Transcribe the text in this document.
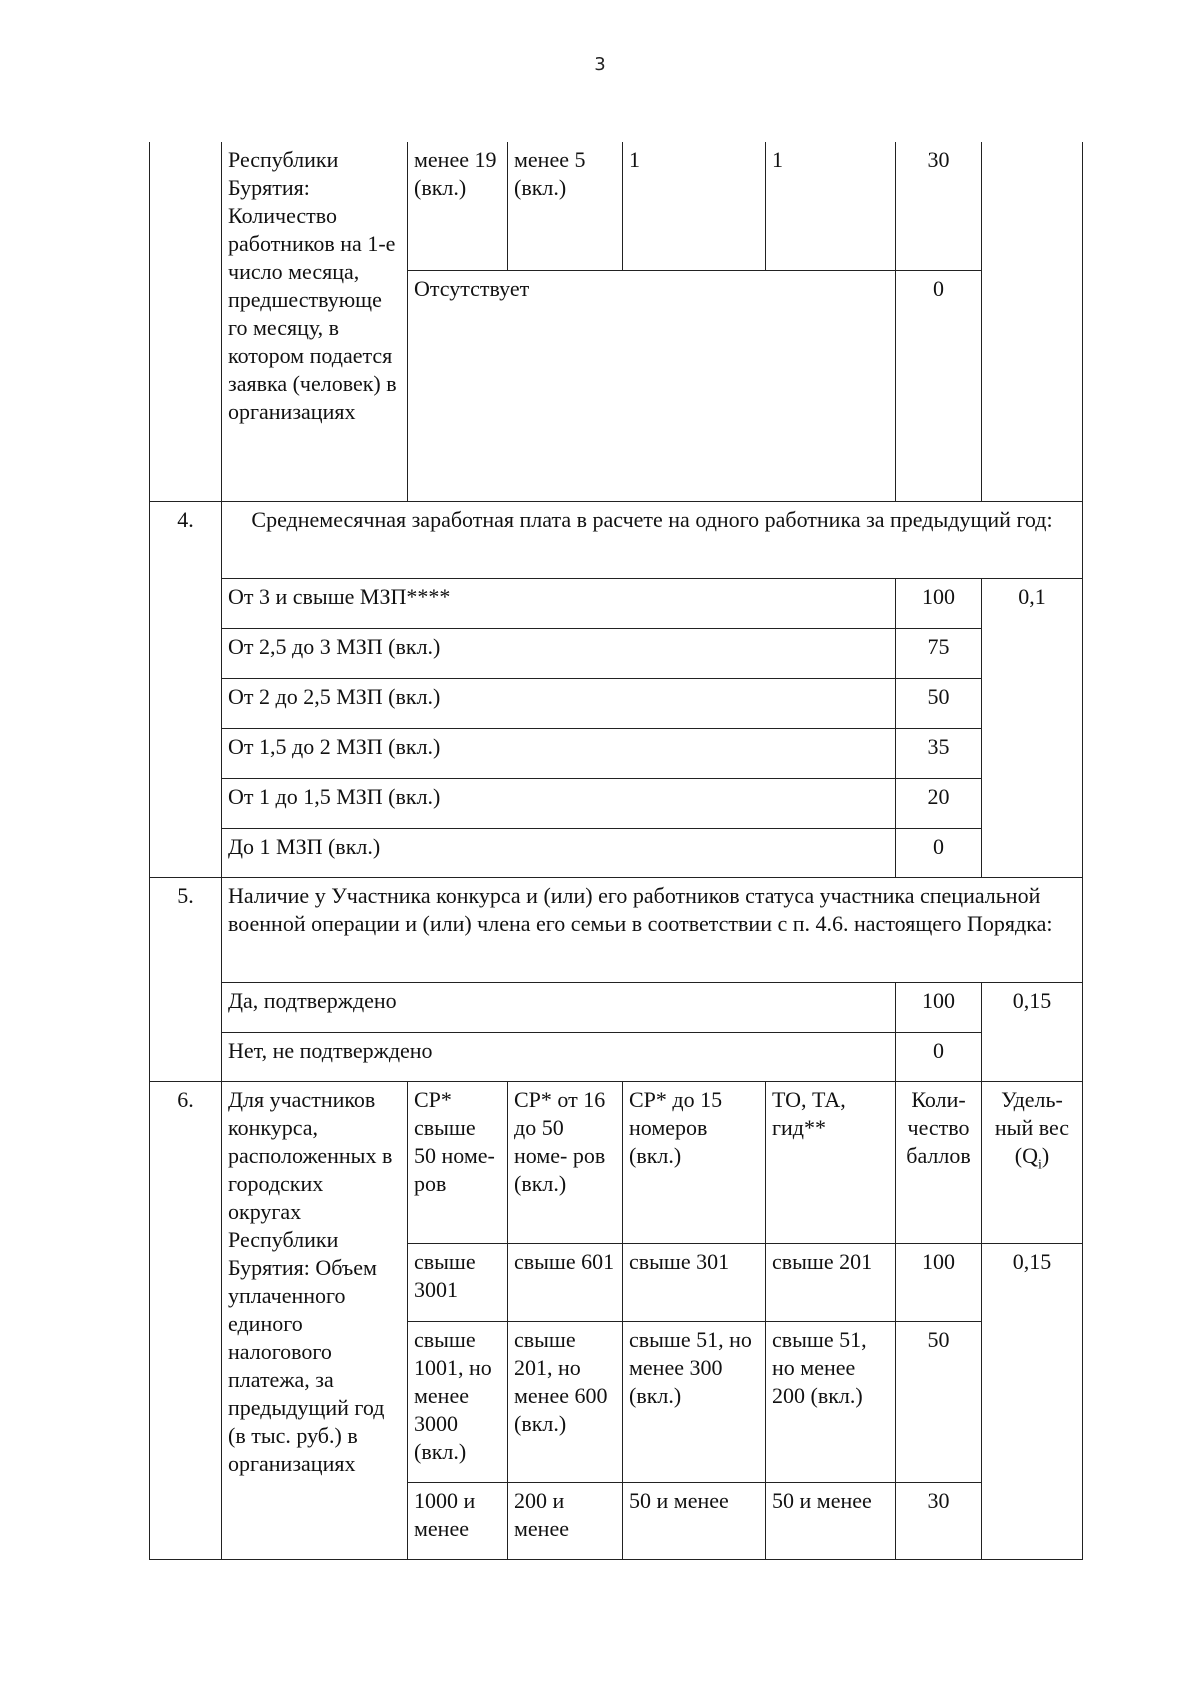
3
	Республики Бурятия: Количество работников на 1-е число месяца, предшествующе го месяцу, в котором подается заявка (человек) в организациях	менее 19 (вкл.)	менее 5 (вкл.)	1	1	30	
		Отсутствует				0	
4.	Среднемесячная заработная плата в расчете на одного работника за предыдущий год:						
	От 3 и свыше МЗП****					100	0,1
	От 2,5 до 3 МЗП (вкл.)					75	
	От 2 до 2,5 МЗП (вкл.)					50	
	От 1,5 до 2 МЗП (вкл.)					35	
	От 1 до 1,5 МЗП (вкл.)					20	
	До 1 МЗП (вкл.)					0	
5.	Наличие у Участника конкурса и (или) его работников статуса участника специальной военной операции и (или) члена его семьи в соответствии с п. 4.6. настоящего Порядка:						
	Да, подтверждено					100	0,15
	Нет, не подтверждено					0	
6.	Для участников конкурса, расположенных в городских округах Республики Бурятия: Объем уплаченного единого налогового платежа, за предыдущий год (в тыс. руб.) в организациях	СР* свыше 50 номе- ров	СР* от 16 до 50 номе- ров (вкл.)	СР* до 15 номеров (вкл.)	ТО, ТА, гид**	Коли- чество баллов	Удель- ный вес $(Q_i)$
		свыше 3001	свыше 601	свыше 301	свыше 201	100	0,15
		свыше 1001, но менее 3000 (вкл.)	свыше 201, но менее 600 (вкл.)	свыше 51, но менее 300 (вкл.)	свыше 51, но менее 200 (вкл.)	50	
		1000 и менее	200 и менее	50 и менее	50 и менее	30	
